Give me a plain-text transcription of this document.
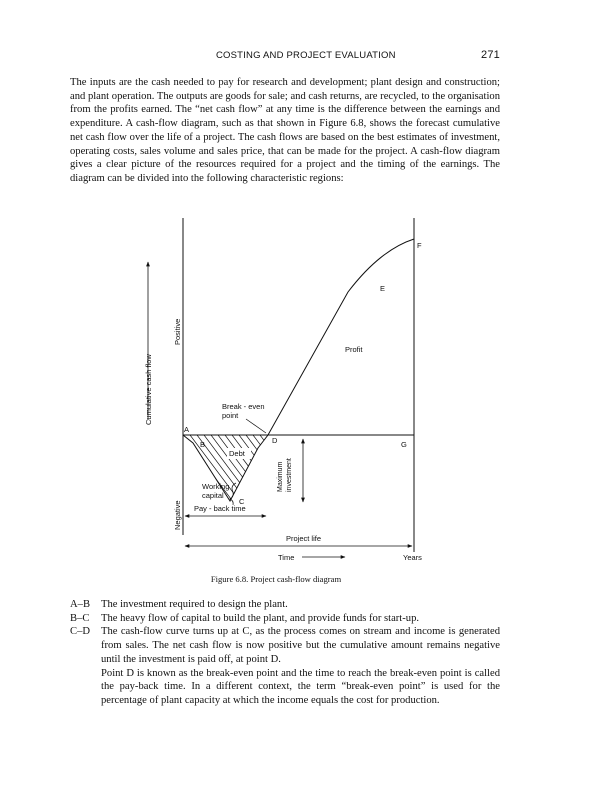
COSTING AND PROJECT EVALUATION	271

The inputs are the cash needed to pay for research and development; plant design and construction; and plant operation. The outputs are goods for sale; and cash returns, are recycled, to the organisation from the profits earned. The “net cash flow” at any time is the difference between the earnings and expenditure. A cash-flow diagram, such as that shown in Figure 6.8, shows the forecast cumulative net cash flow over the life of a project. The cash flows are based on the best estimates of investment, operating costs, sales volume and sales price, that can be made for the project. A cash-flow diagram gives a clear picture of the resources required for a project and the timing of the earnings. The diagram can be divided into the following characteristic regions:

Cumulative cash flow
Positive
Negative
A
B
C
D
E
F
G
Break - even
point
Debt
Profit
Working
capital
Pay - back time
Maximum investment
Project life
Time	Years
Figure 6.8. Project cash-flow diagram
A–B	The investment required to design the plant.

B–C	The heavy flow of capital to build the plant, and provide funds for start-up.

C–D	The cash-flow curve turns up at C, as the process comes on stream and income is generated from sales. The net cash flow is now positive but the cumulative amount remains negative until the investment is paid off, at point D.

Point D is known as the break-even point and the time to reach the break-even point is called the pay-back time. In a different context, the term “break-even point” is used for the percentage of plant capacity at which the income equals the cost for production.
